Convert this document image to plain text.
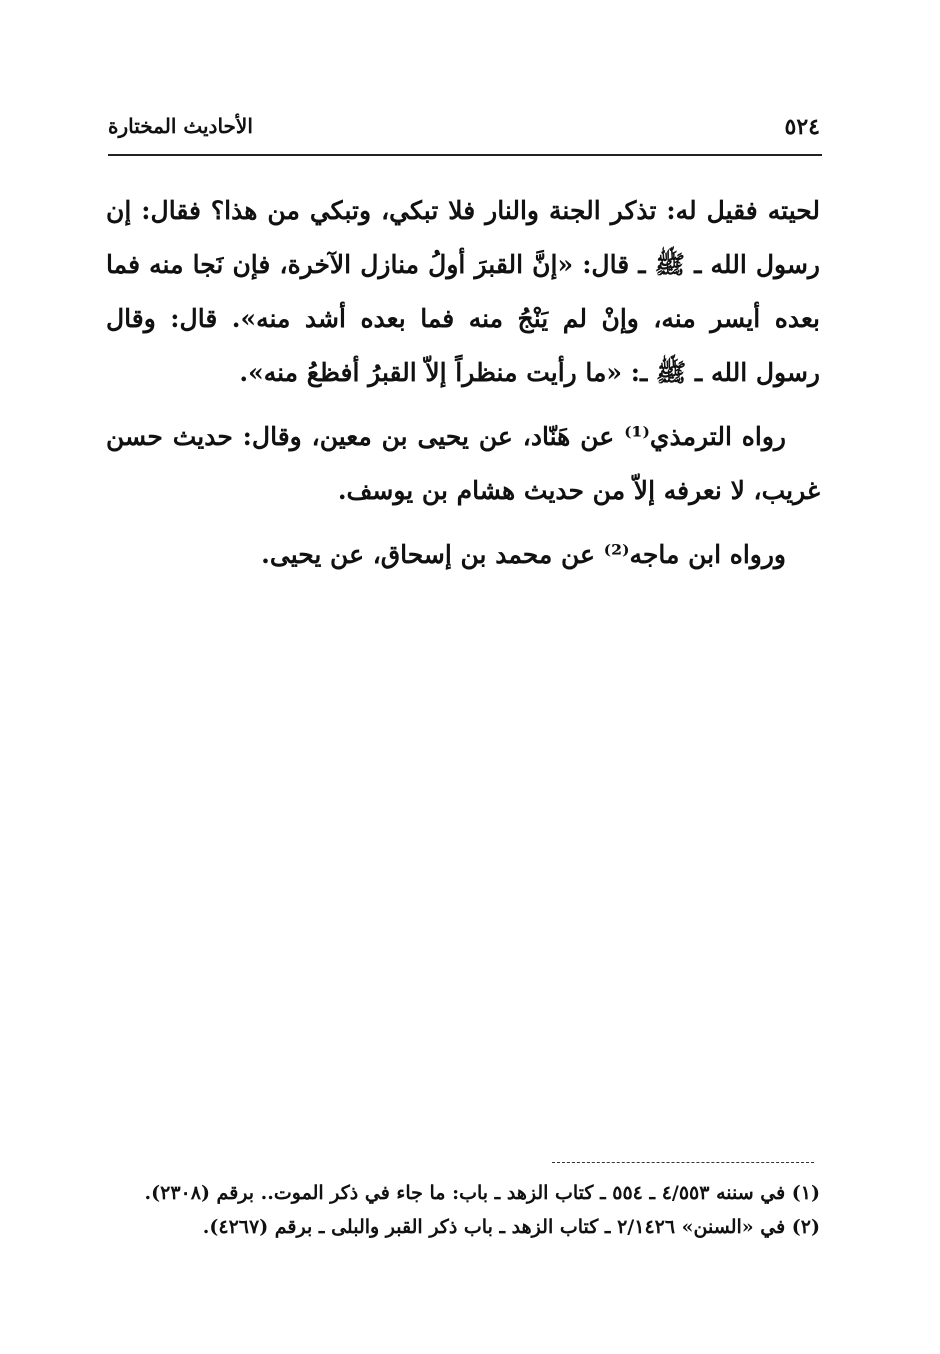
٥٢٤
الأحاديث المختارة

لحيته فقيل له: تذكر الجنة والنار فلا تبكي، وتبكي من هذا؟ فقال: إن رسول الله ـ ﷺ ـ قال: «إنَّ القبرَ أولُ منازل الآخرة، فإن نَجا منه فما بعده أيسر منه، وإنْ لم يَنْجُ منه فما بعده أشد منه». قال: وقال رسول الله ـ ﷺ ـ: «ما رأيت منظراً إلاّ القبرُ أفظعُ منه».

رواه الترمذي⁽¹⁾ عن هَنّاد، عن يحيى بن معين، وقال: حديث حسن غريب، لا نعرفه إلاّ من حديث هشام بن يوسف.

ورواه ابن ماجه⁽²⁾ عن محمد بن إسحاق، عن يحيى.

(١) في سننه ٤/٥٥٣ ـ ٥٥٤ ـ كتاب الزهد ـ باب: ما جاء في ذكر الموت.. برقم (٢٣٠٨).

(٢) في «السنن» ٢/١٤٢٦ ـ كتاب الزهد ـ باب ذكر القبر والبلى ـ برقم (٤٢٦٧).
